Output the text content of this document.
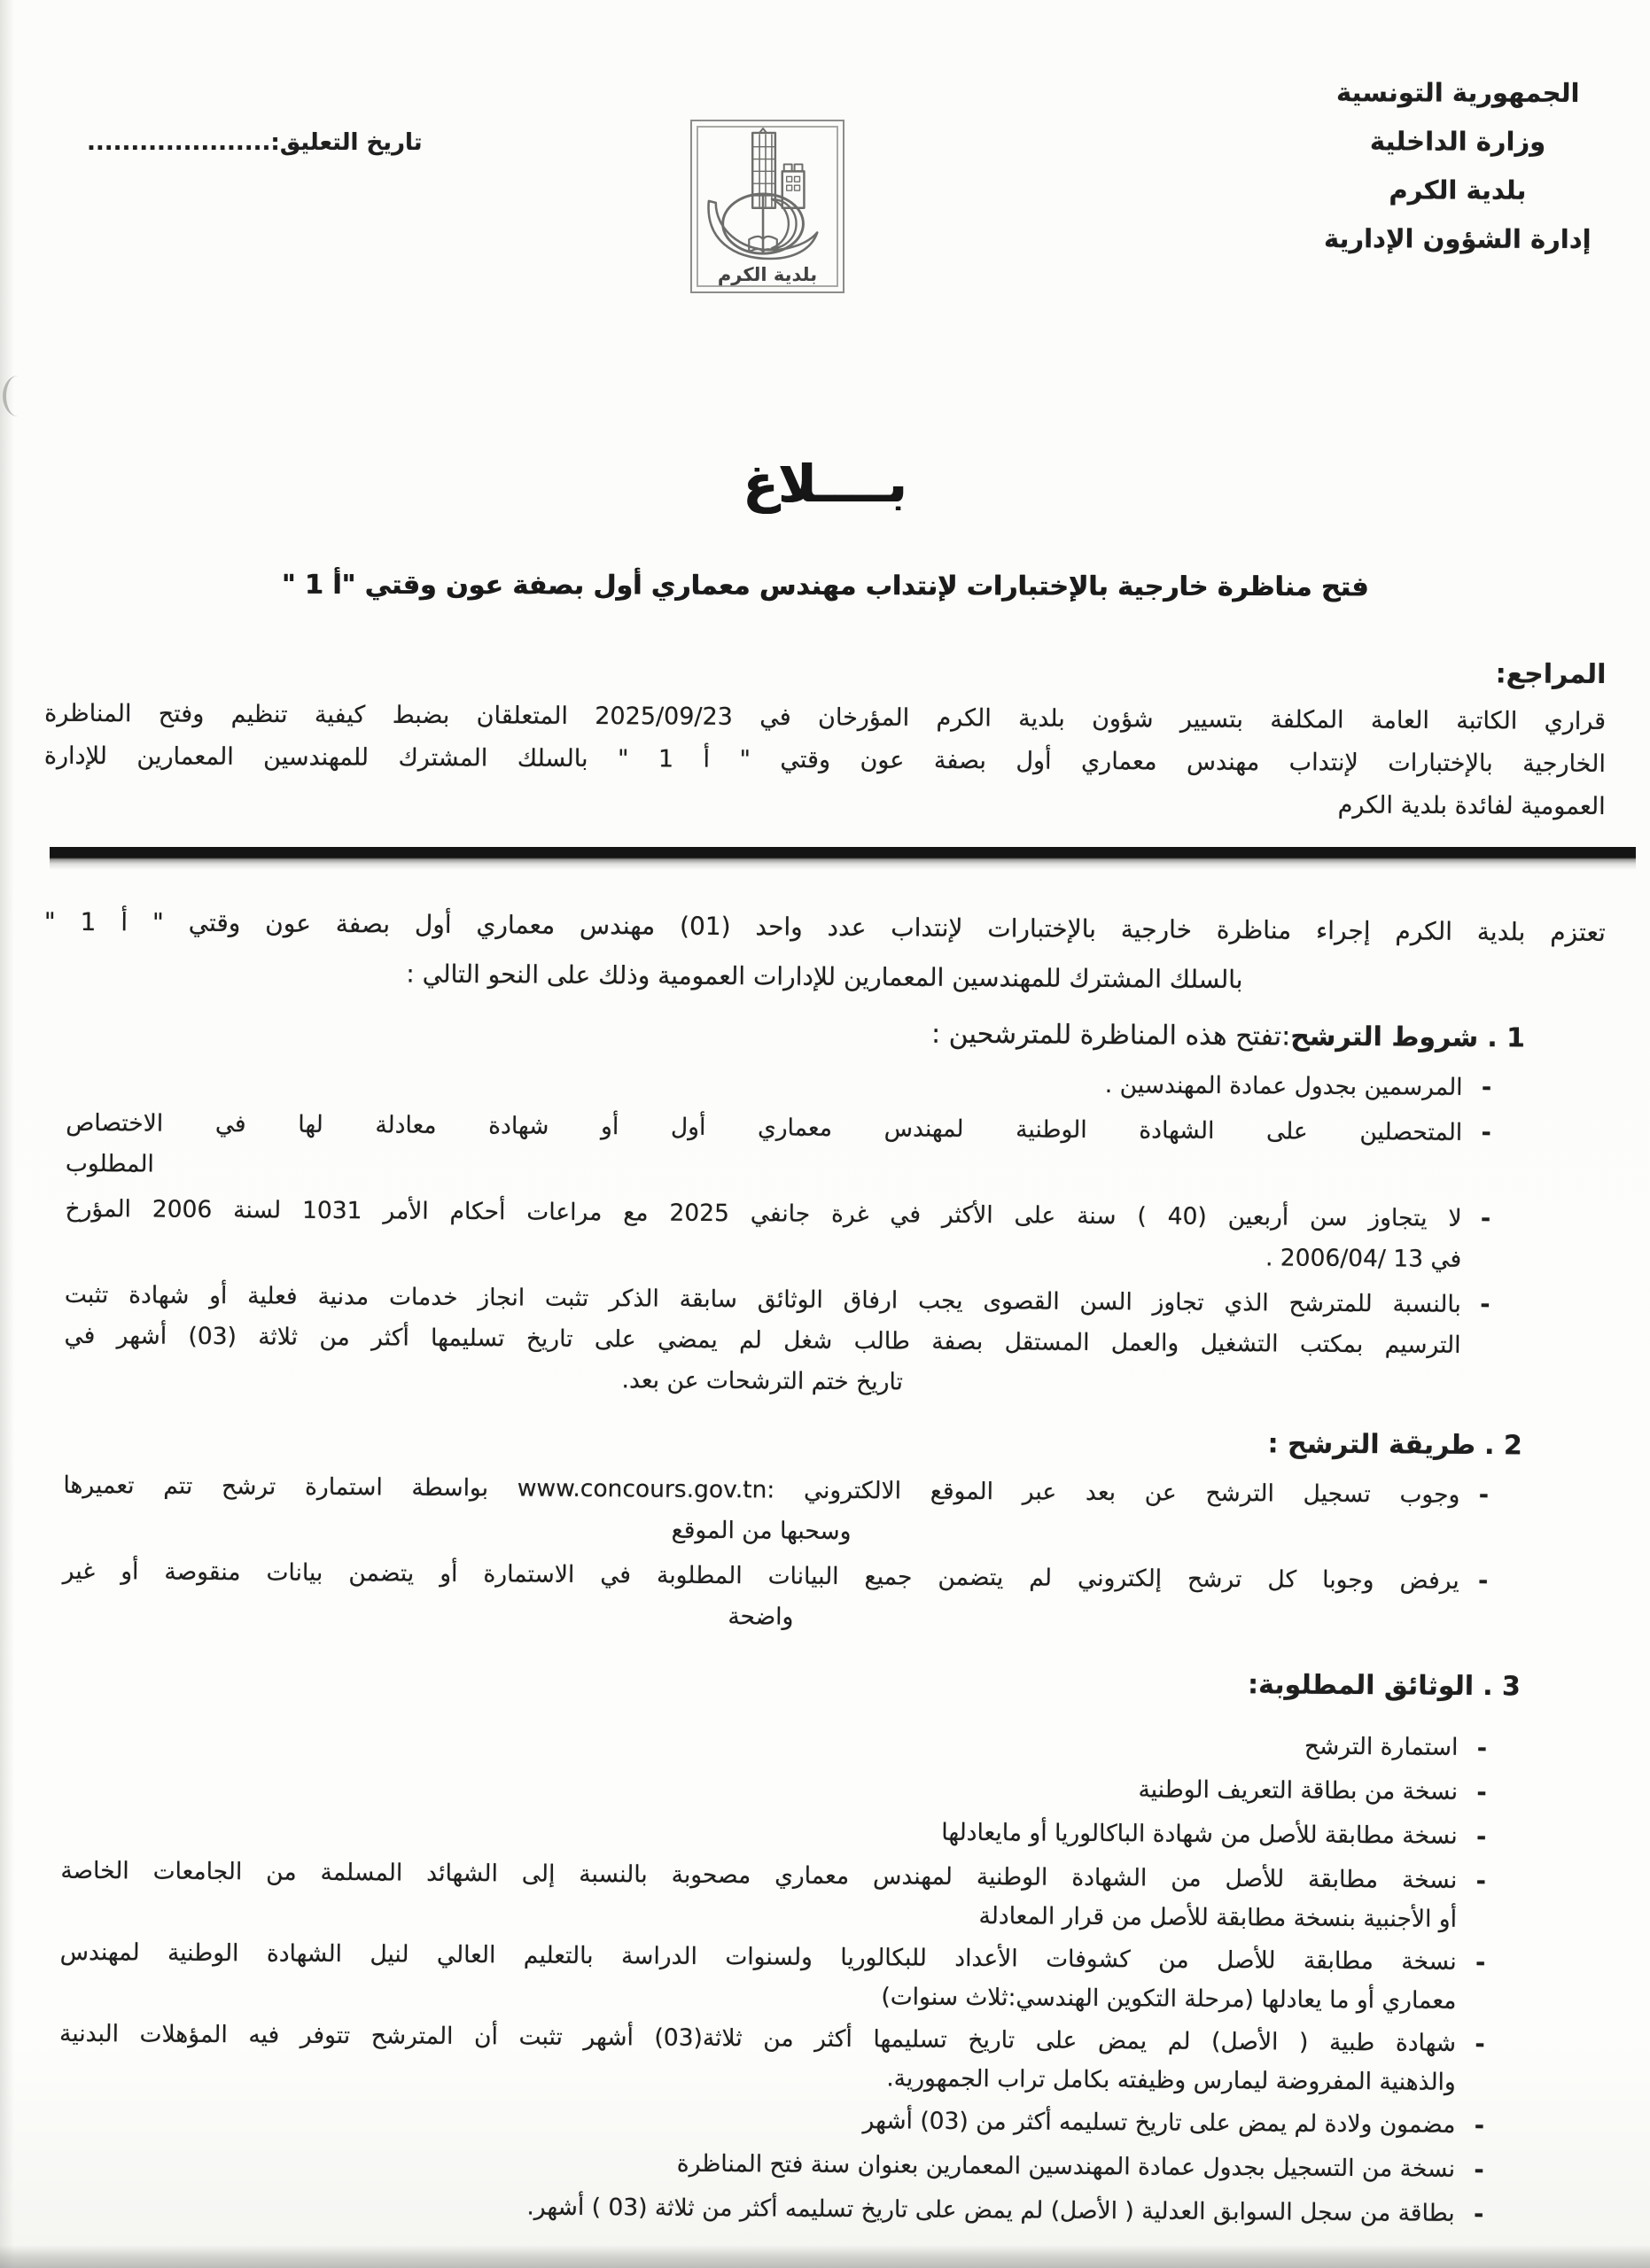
تاريخ التعليق:.....................
الجمهورية التونسية
وزارة الداخلية
بلدية الكرم
إدارة الشؤون الإدارية
بلدية الكرم
بــــلاغ
فتح مناظرة خارجية بالإختبارات لإنتداب مهندس معماري أول بصفة عون وقتي "أ 1 "
المراجع:
قراري الكاتبة العامة المكلفة بتسيير شؤون بلدية الكرم المؤرخان في 2025/09/23 المتعلقان بضبط كيفية تنظيم وفتح المناظرة
الخارجية بالإختبارات لإنتداب مهندس معماري أول بصفة عون وقتي " أ 1 " بالسلك المشترك للمهندسين المعمارين للإدارة
العمومية لفائدة بلدية الكرم
تعتزم بلدية الكرم إجراء مناظرة خارجية بالإختبارات لإنتداب عدد واحد (01) مهندس معماري أول بصفة عون وقتي " أ 1 "
بالسلك المشترك للمهندسين المعمارين للإدارات العمومية وذلك على النحو التالي :
1 .شروط الترشح:تفتح هذه المناظرة للمترشحين :
-
المرسمين بجدول عمادة المهندسين .
-
المتحصلين على الشهادة الوطنية لمهندس معماري أول أو شهادة معادلة لها في الاختصاص
المطلوب
-
لا يتجاوز سن أربعين (40 ) سنة على الأكثر في غرة جانفي 2025 مع مراعات أحكام الأمر 1031 لسنة 2006 المؤرخ
في 13 /2006/04 .
-
بالنسبة للمترشح الذي تجاوز السن القصوى يجب ارفاق الوثائق سابقة الذكر تثبت انجاز خدمات مدنية فعلية أو شهادة تثبت
الترسيم بمكتب التشغيل والعمل المستقل بصفة طالب شغل لم يمضي على تاريخ تسليمها أكثر من ثلاثة (03) أشهر في
تاريخ ختم الترشحات عن بعد.
2 .طريقة الترشح :
-
وجوب تسجيل الترشح عن بعد عبر الموقع الالكتروني :www.concours.gov.tn بواسطة استمارة ترشح تتم تعميرها
وسحبها من الموقع
-
يرفض وجوبا كل ترشح إلكتروني لم يتضمن جميع البيانات المطلوبة في الاستمارة أو يتضمن بيانات منقوصة أو غير
واضحة
3 .الوثائق المطلوبة:
-
استمارة الترشح
-
نسخة من بطاقة التعريف الوطنية
-
نسخة مطابقة للأصل من شهادة الباكالوريا أو مايعادلها
-
نسخة مطابقة للأصل من الشهادة الوطنية لمهندس معماري مصحوبة بالنسبة إلى الشهائد المسلمة من الجامعات الخاصة
أو الأجنبية بنسخة مطابقة للأصل من قرار المعادلة
-
نسخة مطابقة للأصل من كشوفات الأعداد للبكالوريا ولسنوات الدراسة بالتعليم العالي لنيل الشهادة الوطنية لمهندس
معماري أو ما يعادلها (مرحلة التكوين الهندسي:ثلاث سنوات)
-
شهادة طبية ( الأصل) لم يمض على تاريخ تسليمها أكثر من ثلاثة(03) أشهر تثبت أن المترشح تتوفر فيه المؤهلات البدنية
والذهنية المفروضة ليمارس وظيفته بكامل تراب الجمهورية.
-
مضمون ولادة لم يمض على تاريخ تسليمه أكثر من (03) أشهر
-
نسخة من التسجيل بجدول عمادة المهندسين المعمارين بعنوان سنة فتح المناظرة
-
بطاقة من سجل السوابق العدلية ( الأصل) لم يمض على تاريخ تسليمه أكثر من ثلاثة (03 ) أشهر.
